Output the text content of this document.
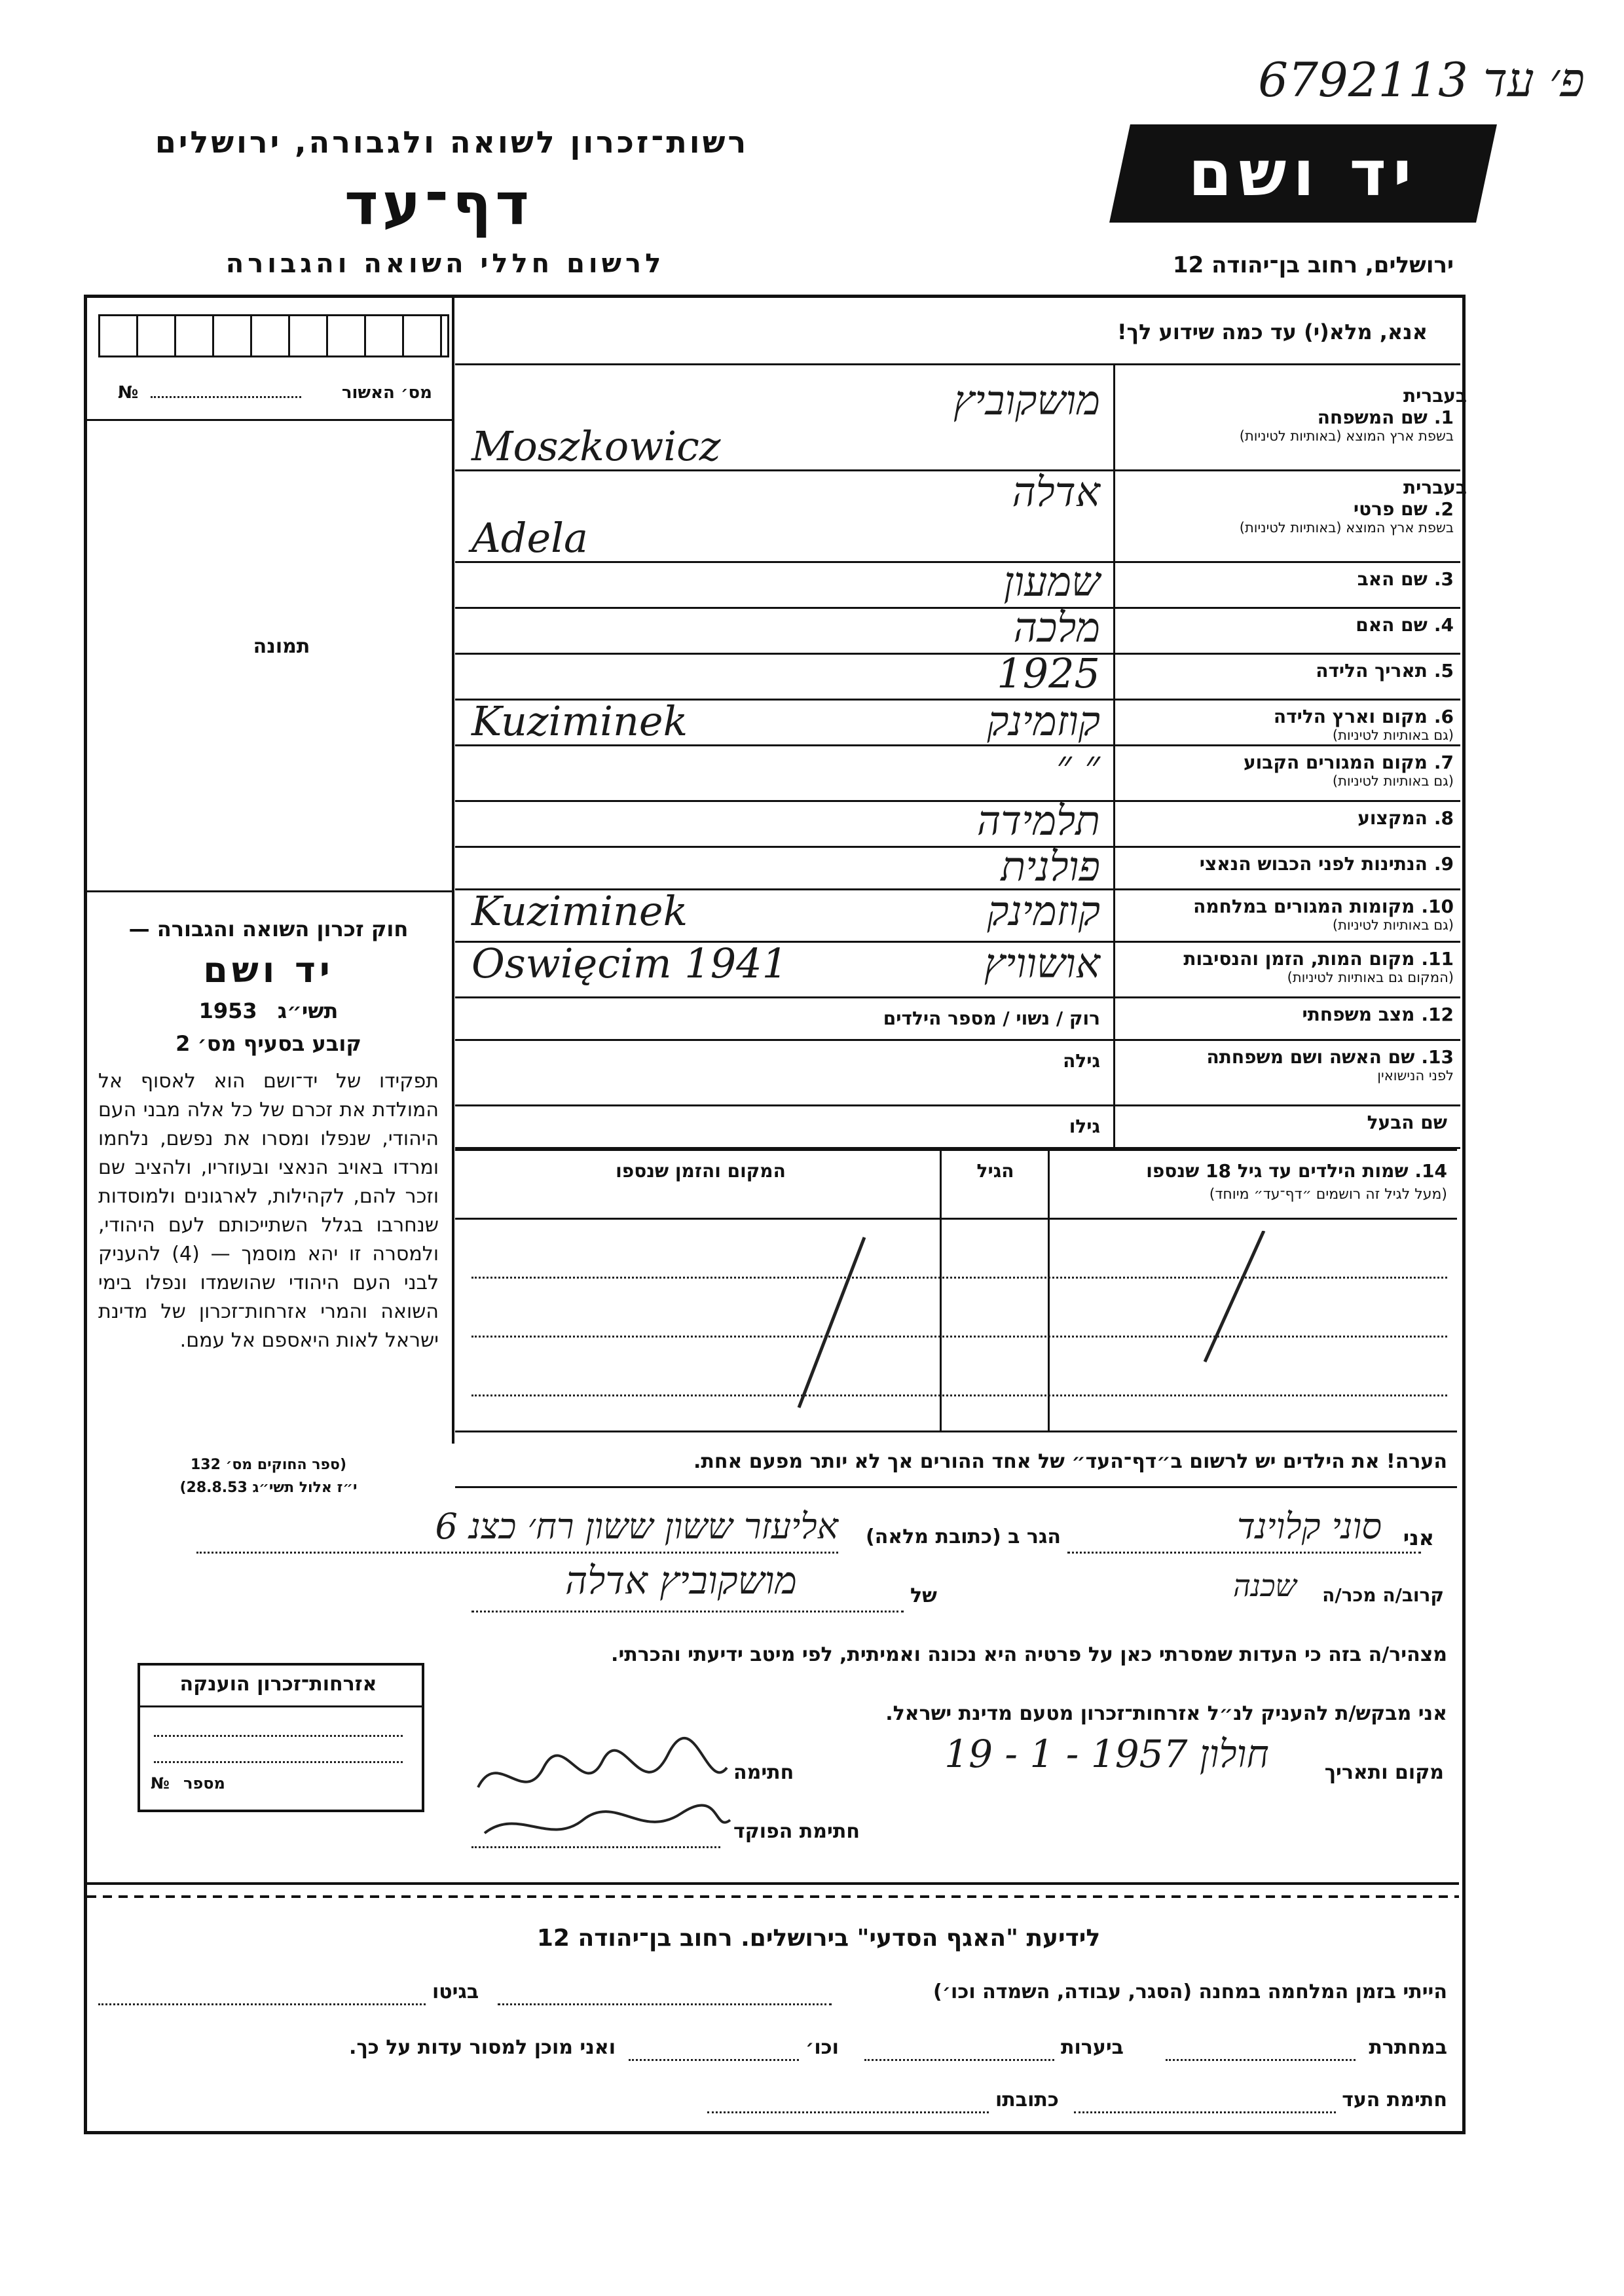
פ׳ עד 6792113
רשות־זכרון לשואה ולגבורה, ירושלים
דף־עד
לרשום חללי השואה והגבורה
יד ושם
ירושלים, רחוב בן־יהודה 12
אנא, מלא(י) עד כמה שידוע לך!
מס׳ האשור
№
תמונה
חוק זכרון השואה והגבורה —
יד ושם
1953 תשי״ג
קובע בסעיף מס׳ 2
תפקידו של יד־ושם הוא לאסוף אל המולדת את זכרם של כל אלה מבני העם היהודי, שנפלו ומסרו את נפשם, נלחמו ומרדו באויב הנאצי ובעוזריו, ולהציב שם וזכר להם, לקהילות, לארגונים ולמוסדות שנחרבו בגלל השתייכותם לעם היהודי, ולמסרה זו יהא מוסמך — (4) להעניק לבני העם היהודי שהושמדו ונפלו בימי השואה והמרי אזרחות־זכרון של מדינת ישראל לאות היאספם אל עמם.
(ספר החוקים מס׳ 132
י״ז אלול תשי״ג 28.8.53)
בעברית
1.שם המשפחה
בשפת ארץ המוצא (באותיות לטיניות)
מושקוביץ
Moszkowicz
בעברית
2.שם פרטי
בשפת ארץ המוצא (באותיות לטיניות)
אדלה
Adela
3.שם האב
שמעון
4.שם האם
מלכה
5.תאריך הלידה
1925
6.מקום וארץ הלידה
(גם באותיות לטיניות)
קוזמינק
Kuziminek
7.מקום המגורים הקבוע
(גם באותיות לטיניות)
״ ״
8.המקצוע
תלמידה
9.הנתינות לפני הכבוש הנאצי
פולנית
10.מקומות המגורים במלחמה
(גם באותיות לטיניות)
קוזמינק
Kuziminek
11.מקום המות, הזמן והנסיבות
(המקום גם באותיות לטיניות)
אושוויץ
Oswięcim 1941
12.מצב משפחתי
רוק / נשוי / מספר הילדים
13.שם האשה ושם משפחתה
לפני הנישואין
גילה
שם הבעל
גילו
14. שמות הילדים עד גיל 18 שנספו
(מעל לגיל זה רושמים ״דף־עד״ מיוחד)
הגיל
המקום והזמן שנספו
הערה! את הילדים יש לרשום ב״דף־העד״ של אחד ההורים אך לא יותר מפעם אחת.
אני
סוני קלוינד
הגר ב (כתובת מלאה)
אליעזר ששון ששון רח׳ כצנ 6
קרוב/ה מכר/ה
שכנה
של
מושקוביץ אדלה
מצהיר/ה בזה כי העדות שמסרתי כאן על פרטיה היא נכונה ואמיתית, לפי מיטב ידיעתי והכרתי.
אני מבקש/ת להעניק לנ״ל אזרחות־זכרון מטעם מדינת ישראל.
מקום ותאריך
חולון 1957 - 1 - 19
חתימה
חתימת הפוקד
אזרחות־זכרון הוענקה
מספר
№
לידיעת "האגף הסדעי" בירושלים. רחוב בן־יהודה 12
הייתי בזמן המלחמה במחנה (הסגר, עבודה, השמדה וכו׳)
בגיטו
במחתרת
ביערות
וכו׳
ואני מוכן למסור עדות על כך.
חתימת העד
כתובתו
